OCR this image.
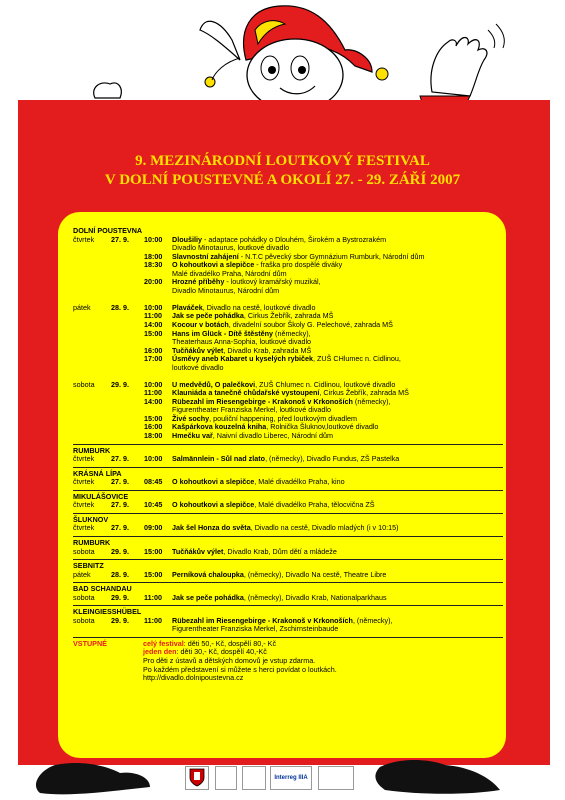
9. MEZINÁRODNÍ LOUTKOVÝ FESTIVAL
V DOLNÍ POUSTEVNÉ A OKOLÍ 27. - 29. ZÁŘÍ 2007
DOLNÍ POUSTEVNA
čtvrtek	27. 9.	10:00	Dloušiliy - adaptace pohádky o Dlouhém, Širokém a Bystrozrakém
Divadlo Minotaurus, loutkové divadlo
18:00	Slavnostní zahájení - N.T.C pěvecký sbor Gymnázium Rumburk, Národní dům
18:30	O kohoutkovi a slepičce - fraška pro dospělé diváky
Malé divadélko Praha, Národní dům
20:00	Hrozné příběhy - loutkový kramářský muzikál,
Divadlo Minotaurus, Národní dům
pátek	28. 9.	10:00	Plaváček, Divadlo na cestě, loutkové divadlo
11:00	Jak se peče pohádka, Cirkus Žebřík, zahrada MŠ
14:00	Kocour v botách, divadelní soubor Školy G. Pelechové, zahrada MŠ
15:00	Hans im Glück - Dítě štěstěny (německy),
Theaterhaus Anna-Sophia, loutkové divadlo
16:00	Tučňákův výlet, Divadlo Krab, zahrada MŠ
17:00	Úsměvy aneb Kabaret u kyselých rybiček, ZUŠ CHlumec n. Cidlinou,
loutkové divadlo
sobota	29. 9.	10:00	U medvědů, O palečkovi, ZUŠ Chlumec n. Cidlinou, loutkové divadlo
11:00	Klauniáda a tanečně chůdařské vystoupení, Cirkus Žebřík, zahrada MŠ
14:00	Rübezahl im Riesengebirge - Krakonoš v Krkonoších (německy),
Figurentheater Franziska Merkel, loutkové divadlo
15:00	Živé sochy, pouliční happening, před loutkovým divadlem
16:00	Kašpárkova kouzelná kniha, Rolnička Šluknov,loutkové divadlo
18:00	Hmečku vař, Naivní divadlo Liberec, Národní dům
RUMBURK
čtvrtek	27. 9.	10:00	Salmännlein - Sůl nad zlato, (německy), Divadlo Fundus, ZŠ Pastelka
KRÁSNÁ LÍPA
čtvrtek	27. 9.	08:45	O kohoutkovi a slepičce, Malé divadélko Praha, kino
MIKULÁŠOVICE
čtvrtek	27. 9.	10:45	O kohoutkovi a slepičce, Malé divadélko Praha, tělocvična ZŠ
ŠLUKNOV
čtvrtek	27. 9.	09:00	Jak šel Honza do světa, Divadlo na cestě, Divadlo mladých (i v 10:15)
RUMBURK
sobota	29. 9.	15:00	Tučňákův výlet, Divadlo Krab, Dům dětí a mládeže
SEBNITZ
pátek	28. 9.	15:00	Perníková chaloupka, (německy), Divadlo Na cestě, Theatre Libre
BAD SCHANDAU
sobota	29. 9.	11:00	Jak se peče pohádka, (německy), Divadlo Krab, Nationalparkhaus
KLEINGIESSHÜBEL
sobota	29. 9.	11:00	Rübezahl im Riesengebirge - Krakonoš v Krkonoších, (německy),
Figurentheater Franziska Merkel, Zschirnsteinbaude
VSTUPNÉ	celý festival: děti 50,- Kč, dospělí 80,- Kč
jeden den: děti 30,- Kč, dospělí 40,-Kč
Pro děti z ústavů a dětských domovů je vstup zdarma.
Po každém představení si můžete s herci povídat o loutkách.
http://divadlo.dolnipoustevna.cz
Interreg IIIA
